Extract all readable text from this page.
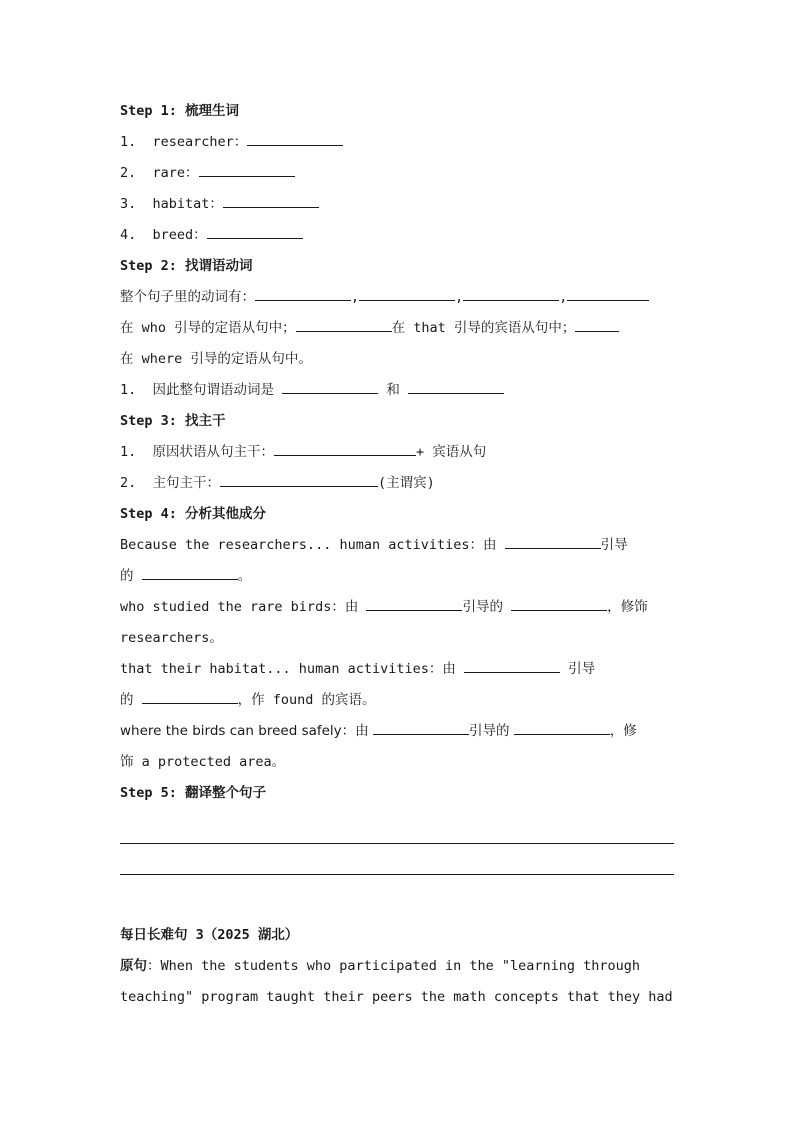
Step 1: 梳理生词
1. researcher：
2. rare：
3. habitat：
4. breed：
Step 2: 找谓语动词
整个句子里的动词有：	,	,	,
在 who 引导的定语从句中；	在 that 引导的宾语从句中；
在 where 引导的定语从句中。
1. 因此整句谓语动词是	和
Step 3: 找主干
1. 原因状语从句主干：	+ 宾语从句
2. 主句主干：	(主谓宾)
Step 4: 分析其他成分
Because the researchers... human activities：由	引导
的	。
who studied the rare birds：由	引导的	，修饰
researchers。
that their habitat... human activities：由	引导
的	，作 found 的宾语。
where the birds can breed safely：由	引导的	，修
饰 a protected area。
Step 5: 翻译整个句子
每日长难句 3（2025 湖北）
原句：When the students who participated in the "learning through
teaching" program taught their peers the math concepts that they had
